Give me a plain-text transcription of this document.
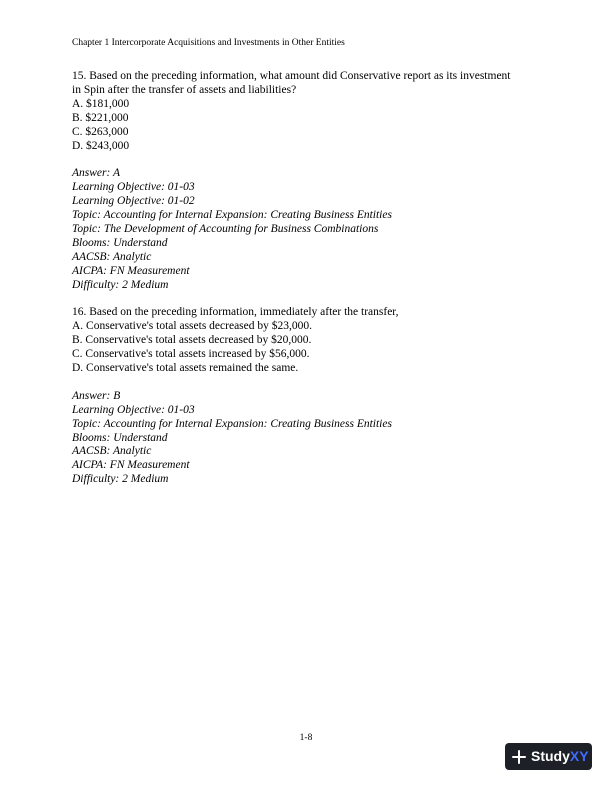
Chapter 1 Intercorporate Acquisitions and Investments in Other Entities
15. Based on the preceding information, what amount did Conservative report as its investment
in Spin after the transfer of assets and liabilities?
A. $181,000
B. $221,000
C. $263,000
D. $243,000
Answer: A
Learning Objective: 01-03
Learning Objective: 01-02
Topic: Accounting for Internal Expansion: Creating Business Entities
Topic: The Development of Accounting for Business Combinations
Blooms: Understand
AACSB: Analytic
AICPA: FN Measurement
Difficulty: 2 Medium
16. Based on the preceding information, immediately after the transfer,
A. Conservative's total assets decreased by $23,000.
B. Conservative's total assets decreased by $20,000.
C. Conservative's total assets increased by $56,000.
D. Conservative's total assets remained the same.
Answer: B
Learning Objective: 01-03
Topic: Accounting for Internal Expansion: Creating Business Entities
Blooms: Understand
AACSB: Analytic
AICPA: FN Measurement
Difficulty: 2 Medium
1-8
StudyXY
